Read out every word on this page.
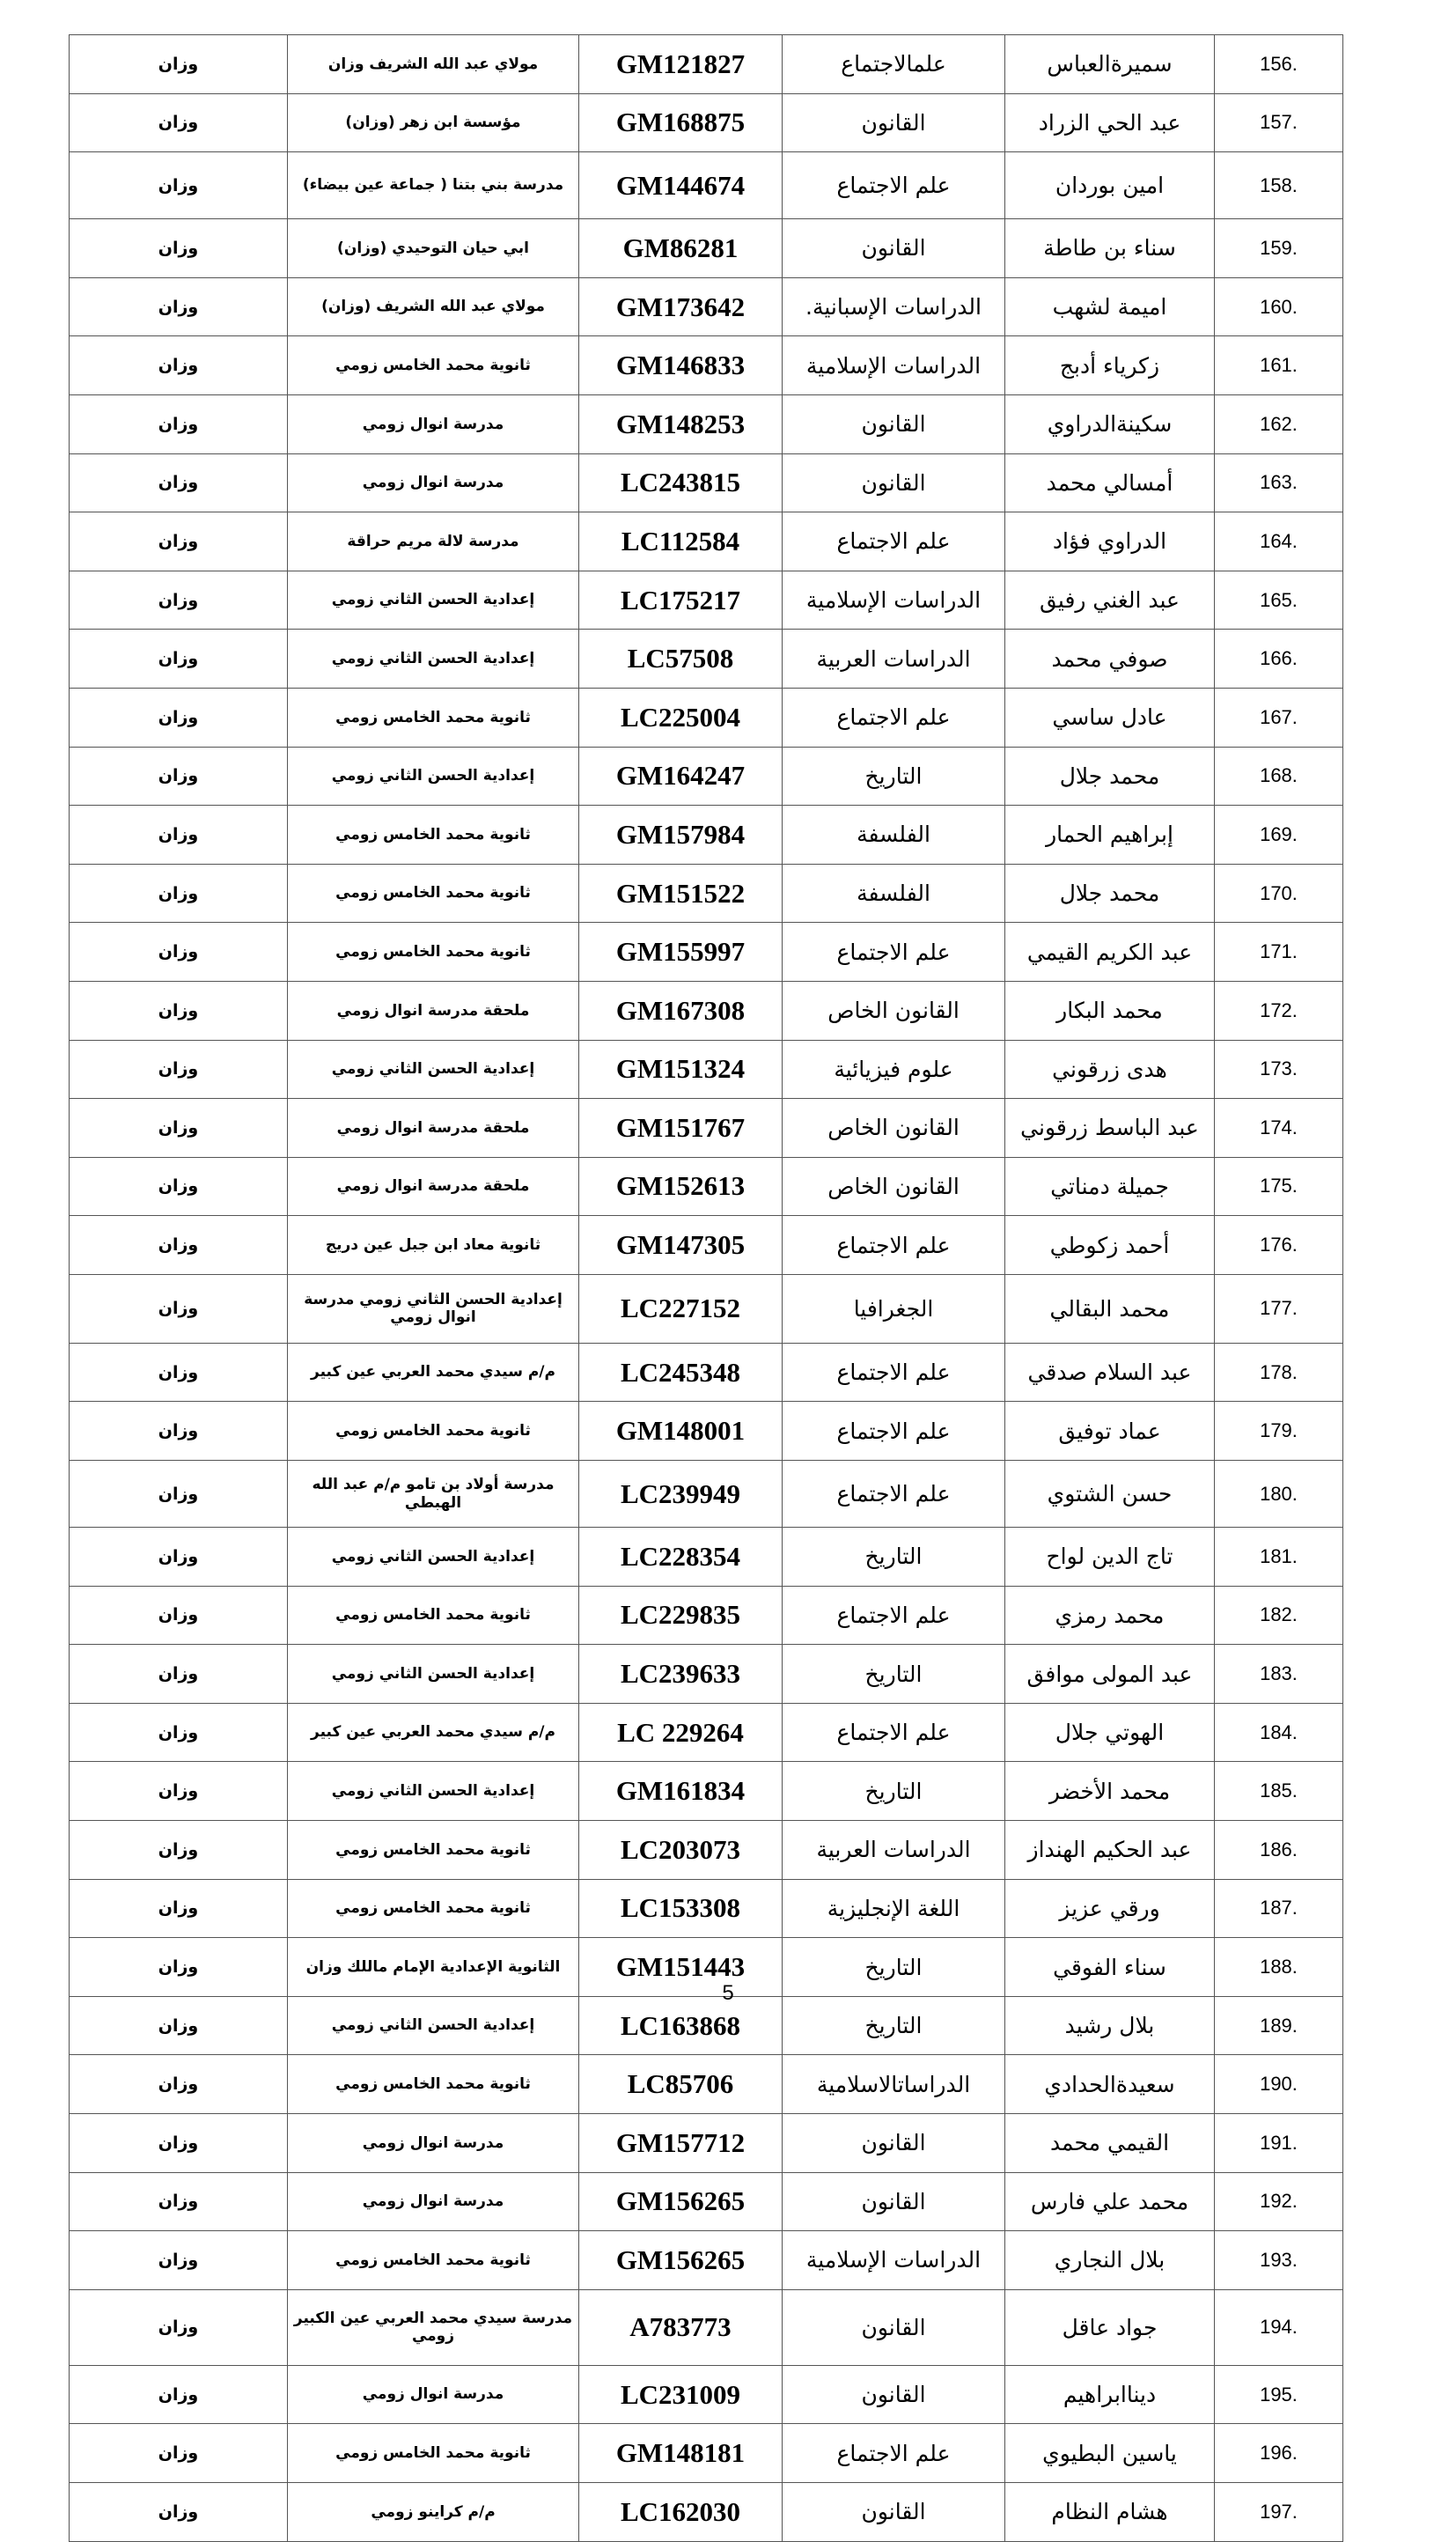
156.	سميرةالعباس	علمالاجتماع	GM121827	مولاي عبد الله الشريف وزان	وزان
157.	عبد الحي الزراد	القانون	GM168875	مؤسسة ابن زهر (وزان)	وزان
158.	امين بوردان	علم الاجتماع	GM144674	مدرسة بني بتنا ( جماعة عين بيضاء)	وزان
159.	سناء بن طاطة	القانون	GM86281	ابي حيان التوحيدي (وزان)	وزان
160.	اميمة لشهب	الدراسات الإسبانية.	GM173642	مولاي عبد الله الشريف (وزان)	وزان
161.	زكرياء أدبج	الدراسات الإسلامية	GM146833	ثانوية محمد الخامس زومي	وزان
162.	سكينةالدراوي	القانون	GM148253	مدرسة انوال زومي	وزان
163.	أمسالي محمد	القانون	LC243815	مدرسة انوال زومي	وزان
164.	الدراوي فؤاد	علم الاجتماع	LC112584	مدرسة لالة مريم حراقة	وزان
165.	عبد الغني رفيق	الدراسات الإسلامية	LC175217	إعدادية الحسن الثاني زومي	وزان
166.	صوفي محمد	الدراسات العربية	LC57508	إعدادية الحسن الثاني زومي	وزان
167.	عادل ساسي	علم الاجتماع	LC225004	ثانوية محمد الخامس زومي	وزان
168.	محمد جلال	التاريخ	GM164247	إعدادية الحسن الثاني زومي	وزان
169.	إبراهيم الحمار	الفلسفة	GM157984	ثانوية محمد الخامس زومي	وزان
170.	محمد جلال	الفلسفة	GM151522	ثانوية محمد الخامس زومي	وزان
171.	عبد الكريم القيمي	علم الاجتماع	GM155997	ثانوية محمد الخامس زومي	وزان
172.	محمد البكار	القانون الخاص	GM167308	ملحقة مدرسة انوال زومي	وزان
173.	هدى زرقوني	علوم فيزيائية	GM151324	إعدادية الحسن الثاني زومي	وزان
174.	عبد الباسط زرقوني	القانون الخاص	GM151767	ملحقة مدرسة انوال زومي	وزان
175.	جميلة دمناتي	القانون الخاص	GM152613	ملحقة مدرسة انوال زومي	وزان
176.	أحمد زكوطي	علم الاجتماع	GM147305	ثانوية معاد ابن جبل عين دريج	وزان
177.	محمد البقالي	الجغرافيا	LC227152	إعدادية الحسن الثاني زومي مدرسة انوال زومي	وزان
178.	عبد السلام صدقي	علم الاجتماع	LC245348	م/م سيدي محمد العربي عين كبير	وزان
179.	عماد توفيق	علم الاجتماع	GM148001	ثانوية محمد الخامس زومي	وزان
180.	حسن الشتوي	علم الاجتماع	LC239949	مدرسة أولاد بن تامو م/م عبد الله الهبطي	وزان
181.	تاج الدين لواح	التاريخ	LC228354	إعدادية الحسن الثاني زومي	وزان
182.	محمد رمزي	علم الاجتماع	LC229835	ثانوية محمد الخامس زومي	وزان
183.	عبد المولى موافق	التاريخ	LC239633	إعدادية الحسن الثاني زومي	وزان
184.	الهوتي جلال	علم الاجتماع	LC 229264	م/م سيدي محمد العربي عين كبير	وزان
185.	محمد الأخضر	التاريخ	GM161834	إعدادية الحسن الثاني زومي	وزان
186.	عبد الحكيم الهنداز	الدراسات العربية	LC203073	ثانوية محمد الخامس زومي	وزان
187.	ورقي عزيز	اللغة الإنجليزية	LC153308	ثانوية محمد الخامس زومي	وزان
188.	سناء الفوقي	التاريخ	GM151443	الثانوية الإعدادية الإمام ماللك وزان	وزان
189.	بلال رشيد	التاريخ	LC163868	إعدادية الحسن الثاني زومي	وزان
190.	سعيدةالحدادي	الدراساتالاسلامية	LC85706	ثانوية محمد الخامس زومي	وزان
191.	القيمي محمد	القانون	GM157712	مدرسة انوال زومي	وزان
192.	محمد علي فارس	القانون	GM156265	مدرسة انوال زومي	وزان
193.	بلال النجاري	الدراسات الإسلامية	GM156265	ثانوية محمد الخامس زومي	وزان
194.	جواد عاقل	القانون	A783773	مدرسة سيدي محمد العربي عين الكبير زومي	وزان
195.	ديناابراهيم	القانون	LC231009	مدرسة انوال زومي	وزان
196.	ياسين البطيوي	علم الاجتماع	GM148181	ثانوية محمد الخامس زومي	وزان
197.	هشام النظام	القانون	LC162030	م/م كراينو زومي	وزان
5
